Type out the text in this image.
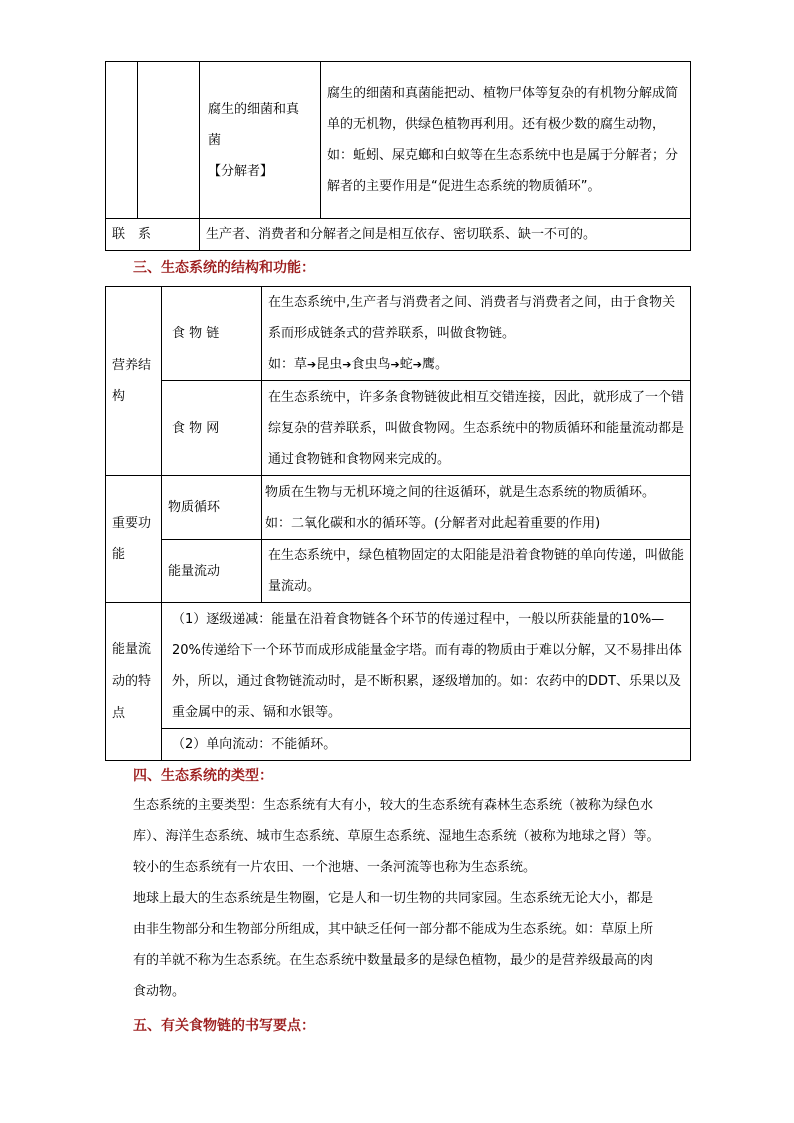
		腐生的细菌和真
菌
【分解者】	腐生的细菌和真菌能把动、植物尸体等复杂的有机物分解成简单的无机物，供绿色植物再利用。还有极少数的腐生动物，如：蚯蚓、屎克螂和白蚁等在生态系统中也是属于分解者；分解者的主要作用是“促进生态系统的物质循环”。
联　系		生产者、消费者和分解者之间是相互依存、密切联系、缺一不可的。	
三、生态系统的结构和功能：
营养结构	食 物 链	在生态系统中,生产者与消费者之间、消费者与消费者之间，由于食物关系而形成链条式的营养联系，叫做食物链。
如：草➔昆虫➔食虫鸟➔蛇➔鹰。

	食 物 网	在生态系统中，许多条食物链彼此相互交错连接，因此，就形成了一个错综复杂的营养联系，叫做食物网。生态系统中的物质循环和能量流动都是通过食物链和食物网来完成的。
重要功能	物质循环	物质在生物与无机环境之间的往返循环，就是生态系统的物质循环。
如：二氧化碳和水的循环等。(分解者对此起着重要的作用)

	能量流动	在生态系统中，绿色植物固定的太阳能是沿着食物链的单向传递，叫做能量流动。
能量流动的特点	（1）逐级递减：能量在沿着食物链各个环节的传递过程中，一般以所获能量的10%—20%传递给下一个环节而成形成能量金字塔。而有毒的物质由于难以分解，又不易排出体外，所以，通过食物链流动时，是不断积累，逐级增加的。如：农药中的DDT、乐果以及重金属中的汞、镉和水银等。	
	（2）单向流动：不能循环。	
四、生态系统的类型：

生态系统的主要类型：生态系统有大有小，较大的生态系统有森林生态系统（被称为绿色水库）、海洋生态系统、城市生态系统、草原生态系统、湿地生态系统（被称为地球之肾）等。较小的生态系统有一片农田、一个池塘、一条河流等也称为生态系统。

地球上最大的生态系统是生物圈，它是人和一切生物的共同家园。生态系统无论大小，都是由非生物部分和生物部分所组成，其中缺乏任何一部分都不能成为生态系统。如：草原上所有的羊就不称为生态系统。在生态系统中数量最多的是绿色植物，最少的是营养级最高的肉食动物。

五、有关食物链的书写要点：
